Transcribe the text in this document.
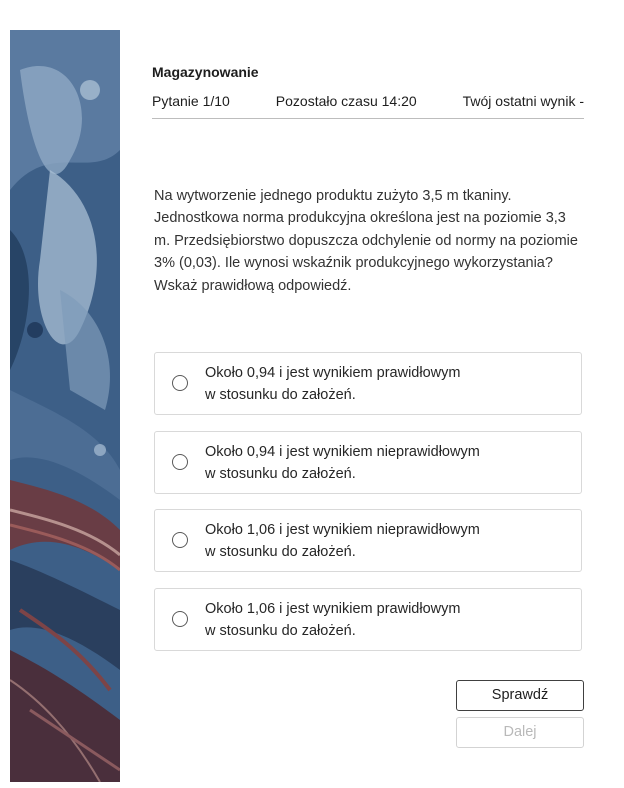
Magazynowanie
Pytanie 1/10	Pozostało czasu 14:20	Twój ostatni wynik -
Na wytworzenie jednego produktu zużyto 3,5 m tkaniny. Jednostkowa norma produkcyjna określona jest na poziomie 3,3 m. Przedsiębiorstwo dopuszcza odchylenie od normy na poziomie 3% (0,03). Ile wynosi wskaźnik produkcyjnego wykorzystania? Wskaż prawidłową odpowiedź.
Około 0,94 i jest wynikiem prawidłowym
w stosunku do założeń.
Około 0,94 i jest wynikiem nieprawidłowym
w stosunku do założeń.
Około 1,06 i jest wynikiem nieprawidłowym
w stosunku do założeń.
Około 1,06 i jest wynikiem prawidłowym
w stosunku do założeń.
Sprawdź
Dalej
